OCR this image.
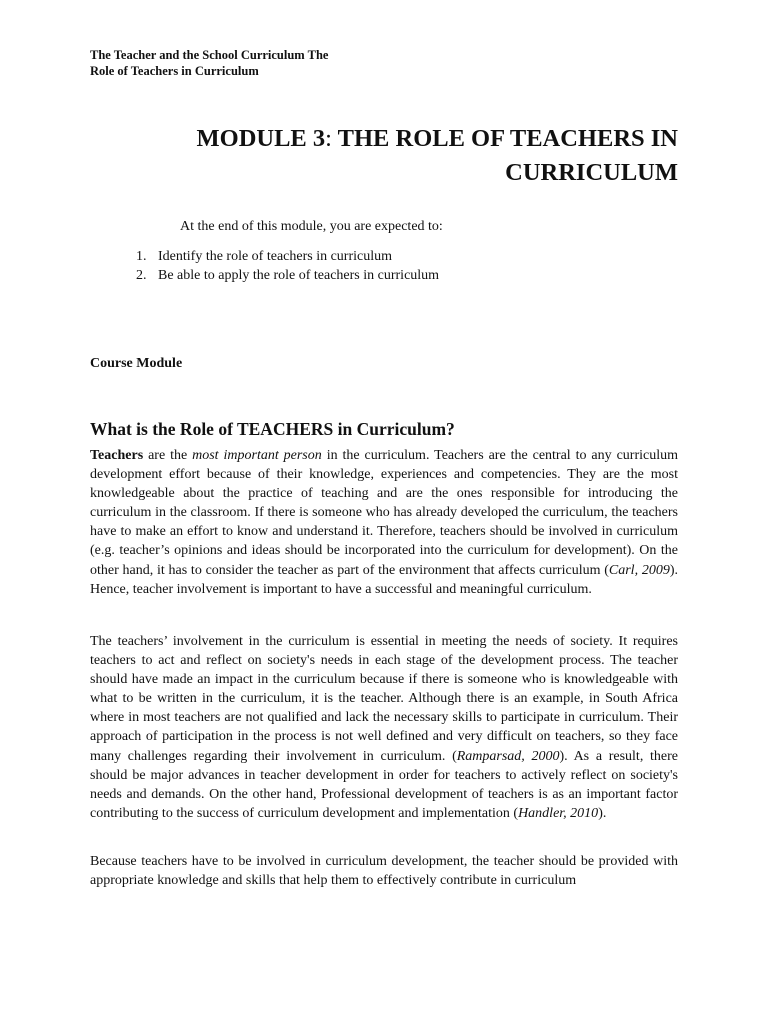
The Teacher and the School Curriculum The
Role of Teachers in Curriculum
MODULE 3: THE ROLE OF TEACHERS IN
CURRICULUM
At the end of this module, you are expected to:
1. Identify the role of teachers in curriculum
2. Be able to apply the role of teachers in curriculum
Course Module
What is the Role of TEACHERS in Curriculum?

Teachers are the most important person in the curriculum. Teachers are the central to any curriculum development effort because of their knowledge, experiences and competencies. They are the most knowledgeable about the practice of teaching and are the ones responsible for introducing the curriculum in the classroom. If there is someone who has already developed the curriculum, the teachers have to make an effort to know and understand it. Therefore, teachers should be involved in curriculum (e.g. teacher’s opinions and ideas should be incorporated into the curriculum for development). On the other hand, it has to consider the teacher as part of the environment that affects curriculum (Carl, 2009). Hence, teacher involvement is important to have a successful and meaningful curriculum.

The teachers’ involvement in the curriculum is essential in meeting the needs of society. It requires teachers to act and reflect on society's needs in each stage of the development process. The teacher should have made an impact in the curriculum because if there is someone who is knowledgeable with what to be written in the curriculum, it is the teacher. Although there is an example, in South Africa where in most teachers are not qualified and lack the necessary skills to participate in curriculum. Their approach of participation in the process is not well defined and very difficult on teachers, so they face many challenges regarding their involvement in curriculum. (Ramparsad, 2000). As a result, there should be major advances in teacher development in order for teachers to actively reflect on society's needs and demands. On the other hand, Professional development of teachers is as an important factor contributing to the success of curriculum development and implementation (Handler, 2010).

Because teachers have to be involved in curriculum development, the teacher should be provided with appropriate knowledge and skills that help them to effectively contribute in curriculum
